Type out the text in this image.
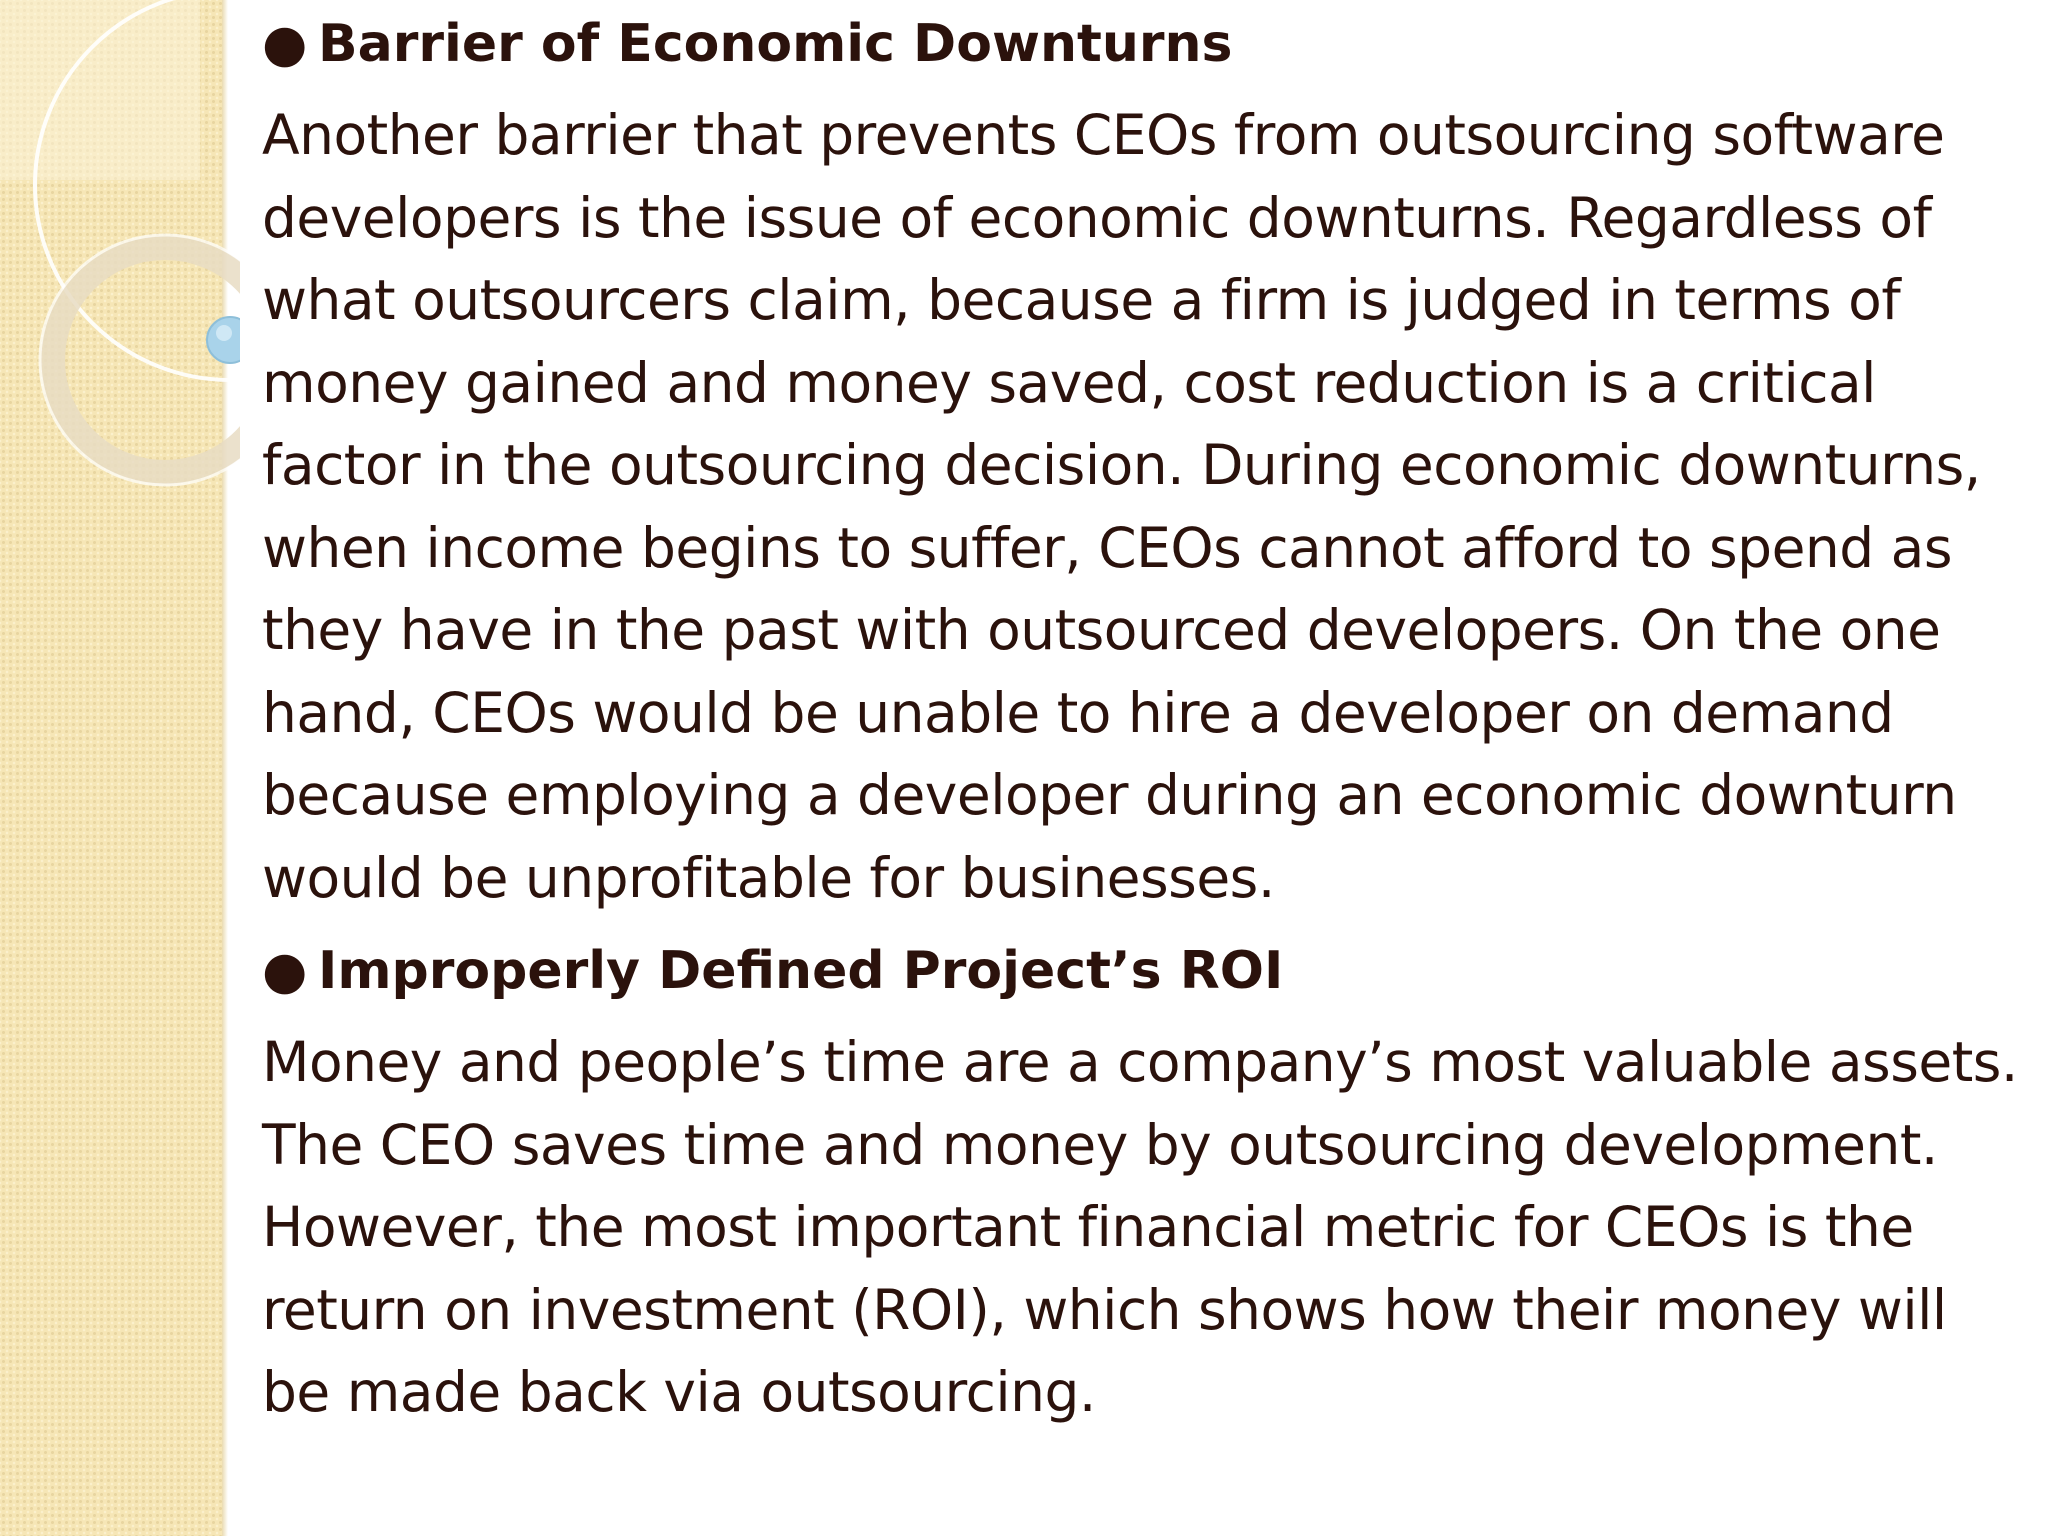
● Barrier of Economic Downturns

Another barrier that prevents CEOs from outsourcing software
developers is the issue of economic downturns. Regardless of
what outsourcers claim, because a firm is judged in terms of
money gained and money saved, cost reduction is a critical
factor in the outsourcing decision. During economic downturns,
when income begins to suffer, CEOs cannot afford to spend as
they have in the past with outsourced developers. On the one
hand, CEOs would be unable to hire a developer on demand
because employing a developer during an economic downturn
would be unprofitable for businesses.

● Improperly Defined Project’s ROI

Money and people’s time are a company’s most valuable assets.
The CEO saves time and money by outsourcing development.
However, the most important financial metric for CEOs is the
return on investment (ROI), which shows how their money will
be made back via outsourcing.
